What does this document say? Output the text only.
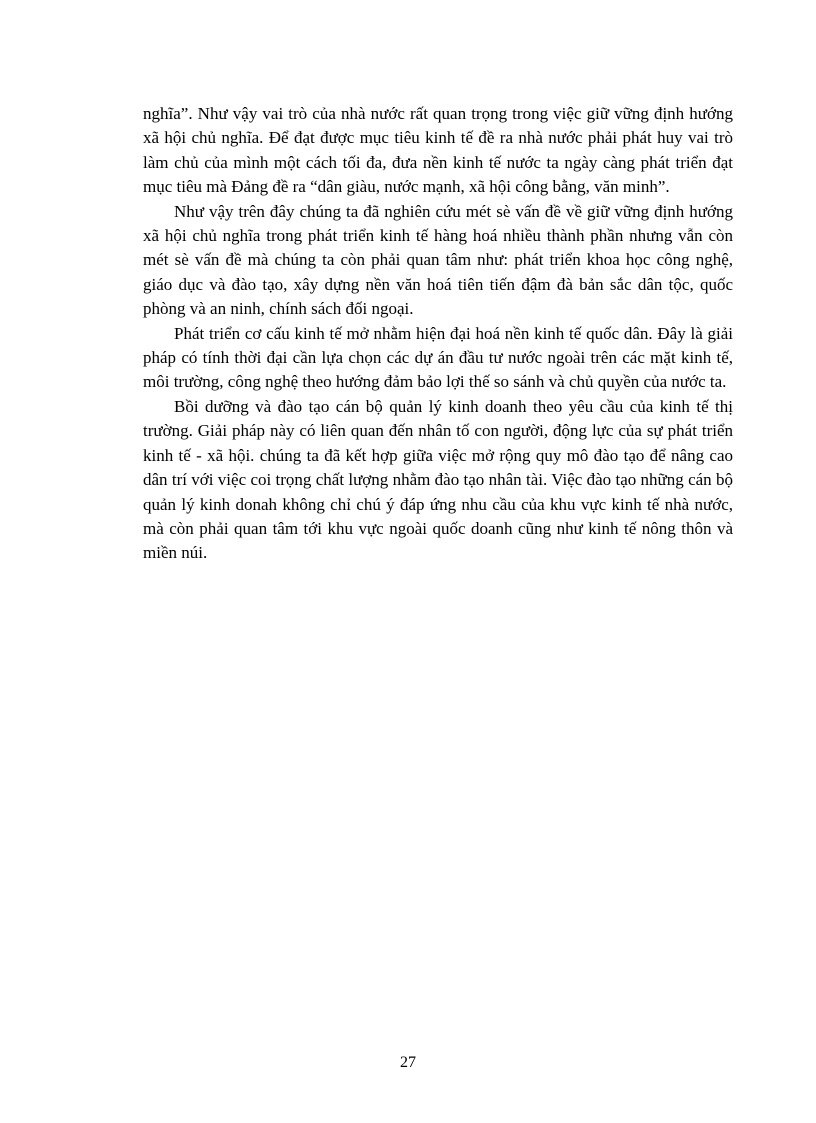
nghĩa”. Như vậy vai trò của nhà nước rất quan trọng trong việc giữ vững định hướng xã hội chủ nghĩa. Để đạt được mục tiêu kinh tế đề ra nhà nước phải phát huy vai trò làm chủ của mình một cách tối đa, đưa nền kinh tế nước ta ngày càng phát triển đạt mục tiêu mà Đảng đề ra “dân giàu, nước mạnh, xã hội công bằng, văn minh”.

Như vậy trên đây chúng ta đã nghiên cứu mét sè vấn đề về giữ vững định hướng xã hội chủ nghĩa trong phát triển kinh tế hàng hoá nhiều thành phần nhưng vẫn còn mét sè vấn đề mà chúng ta còn phải quan tâm như: phát triển khoa học công nghệ, giáo dục và đào tạo, xây dựng nền văn hoá tiên tiến đậm đà bản sắc dân tộc, quốc phòng và an ninh, chính sách đối ngoại.

Phát triển cơ cấu kinh tế mở nhằm hiện đại hoá nền kinh tế quốc dân. Đây là giải pháp có tính thời đại cần lựa chọn các dự án đầu tư nước ngoài trên các mặt kinh tế, môi trường, công nghệ theo hướng đảm bảo lợi thế so sánh và chủ quyền của nước ta.

Bồi dưỡng và đào tạo cán bộ quản lý kinh doanh theo yêu cầu của kinh tế thị trường. Giải pháp này có liên quan đến nhân tố con người, động lực của sự phát triển kinh tế - xã hội. chúng ta đã kết hợp giữa việc mở rộng quy mô đào tạo để nâng cao dân trí với việc coi trọng chất lượng nhằm đào tạo nhân tài. Việc đào tạo những cán bộ quản lý kinh donah không chỉ chú ý đáp ứng nhu cầu của khu vực kinh tế nhà nước, mà còn phải quan tâm tới khu vực ngoài quốc doanh cũng như kinh tế nông thôn và miền núi.

27
